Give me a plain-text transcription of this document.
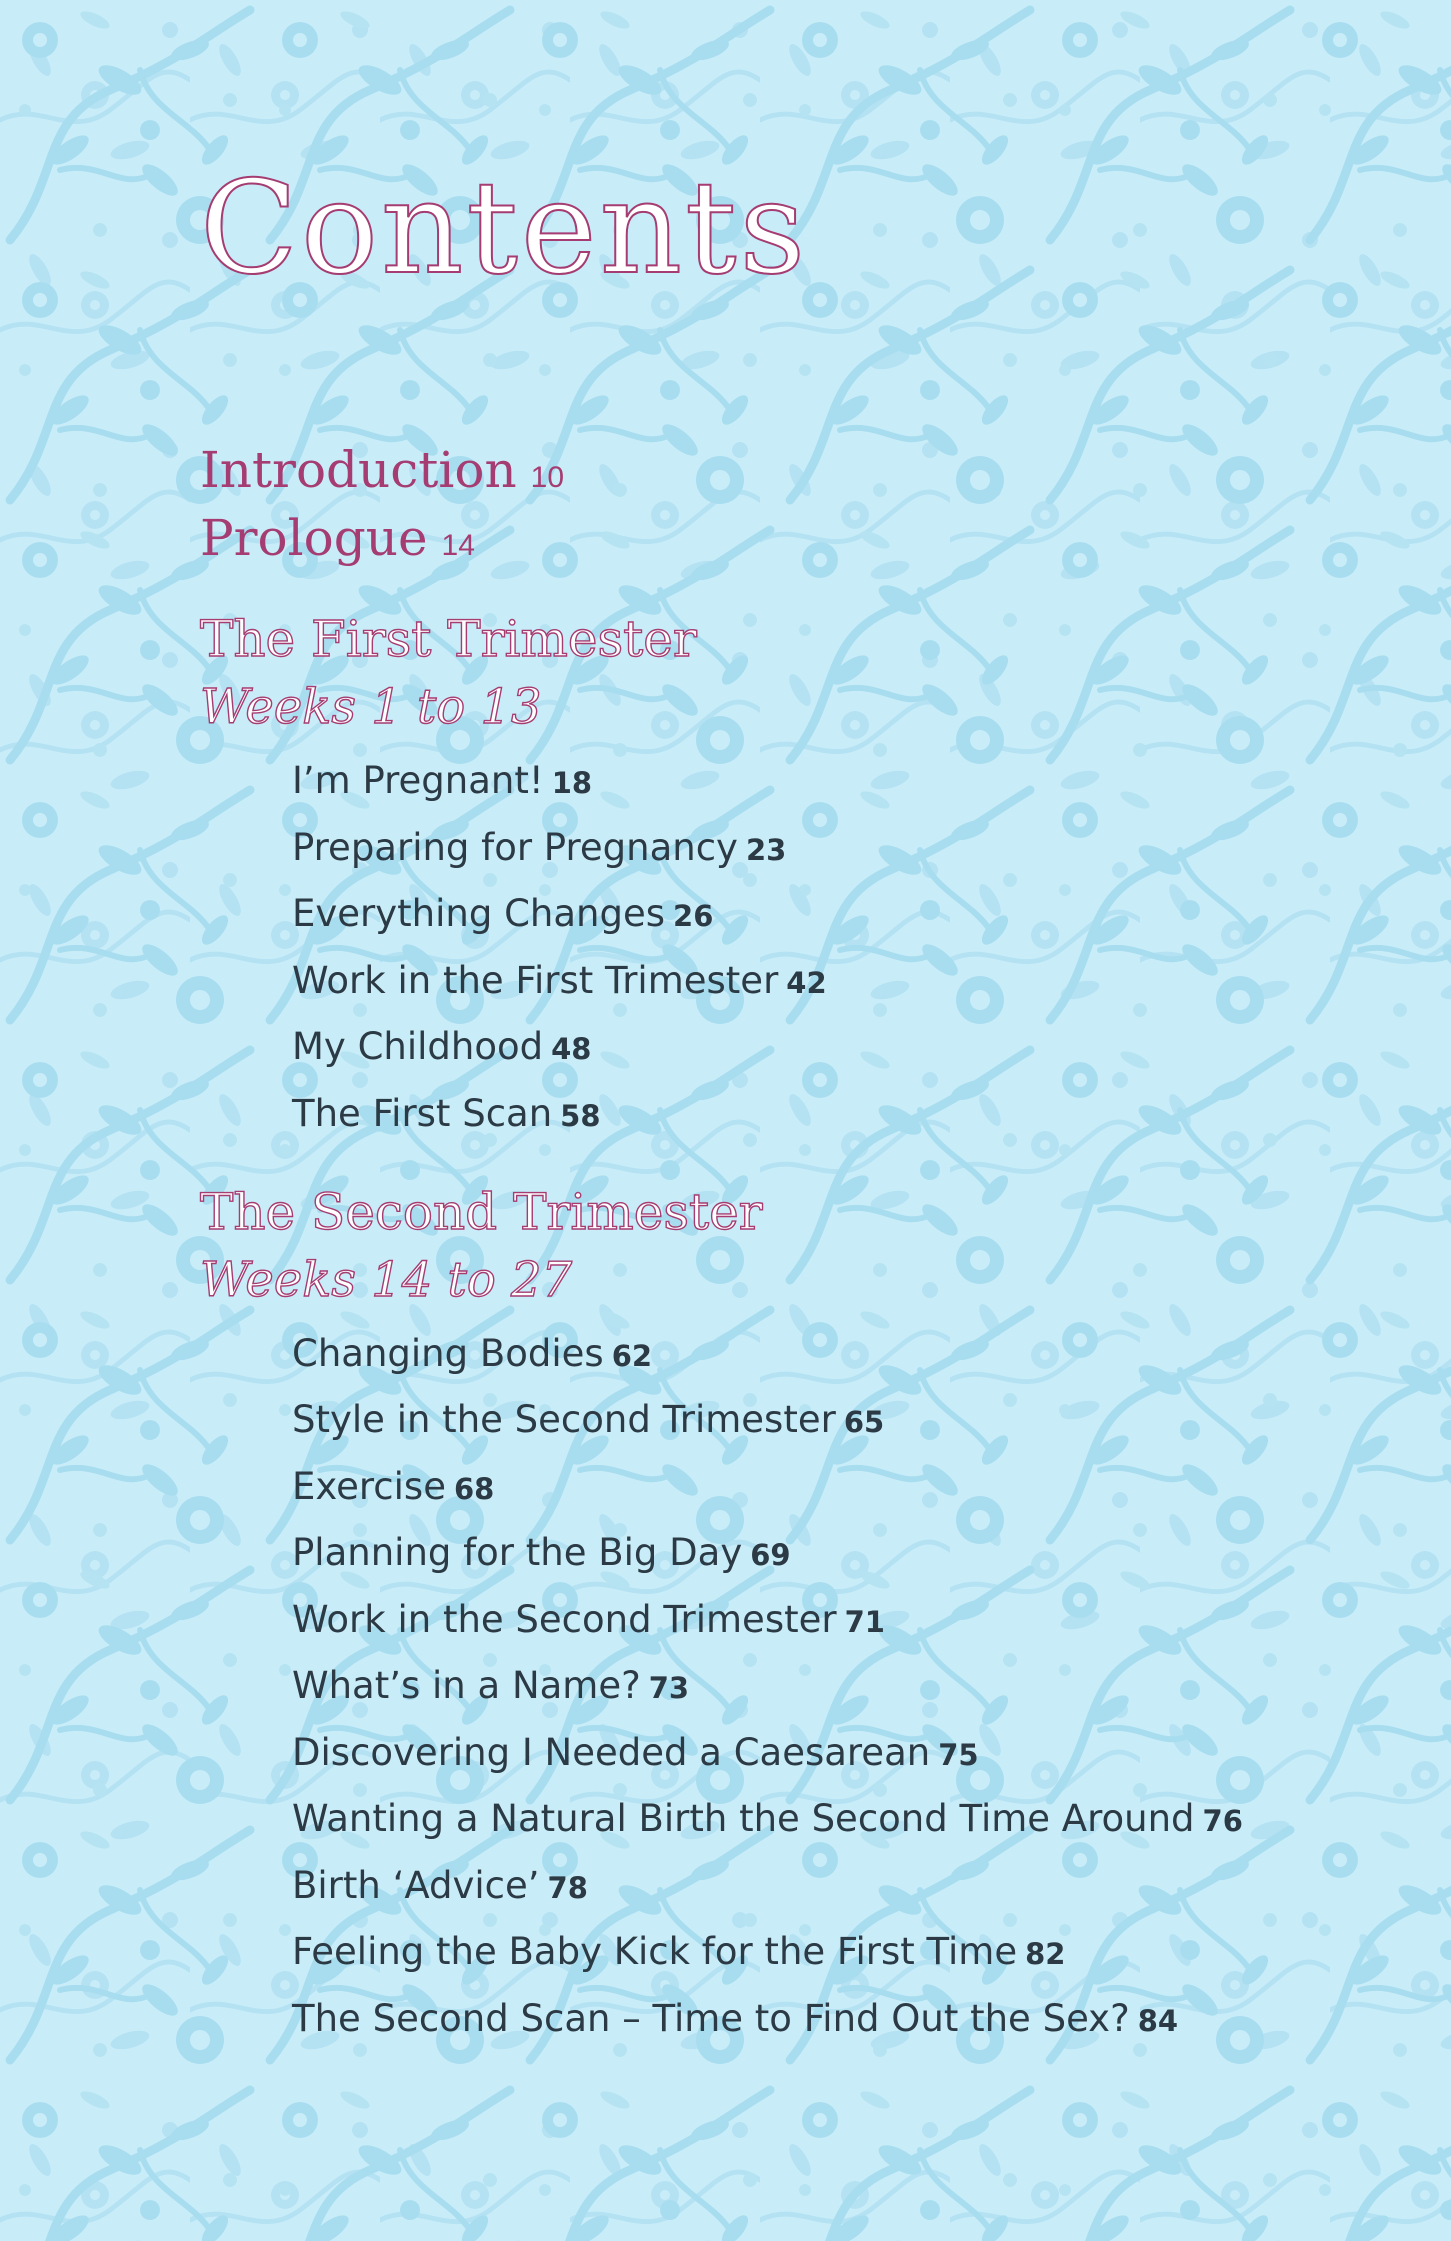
Contents
Introduction 10
Prologue 14
The First Trimester
Weeks 1 to 13
I’m Pregnant! 18
Preparing for Pregnancy 23
Everything Changes 26
Work in the First Trimester 42
My Childhood 48
The First Scan 58
The Second Trimester
Weeks 14 to 27
Changing Bodies 62
Style in the Second Trimester 65
Exercise 68
Planning for the Big Day 69
Work in the Second Trimester 71
What’s in a Name? 73
Discovering I Needed a Caesarean 75
Wanting a Natural Birth the Second Time Around 76
Birth ‘Advice’ 78
Feeling the Baby Kick for the First Time 82
The Second Scan – Time to Find Out the Sex? 84
